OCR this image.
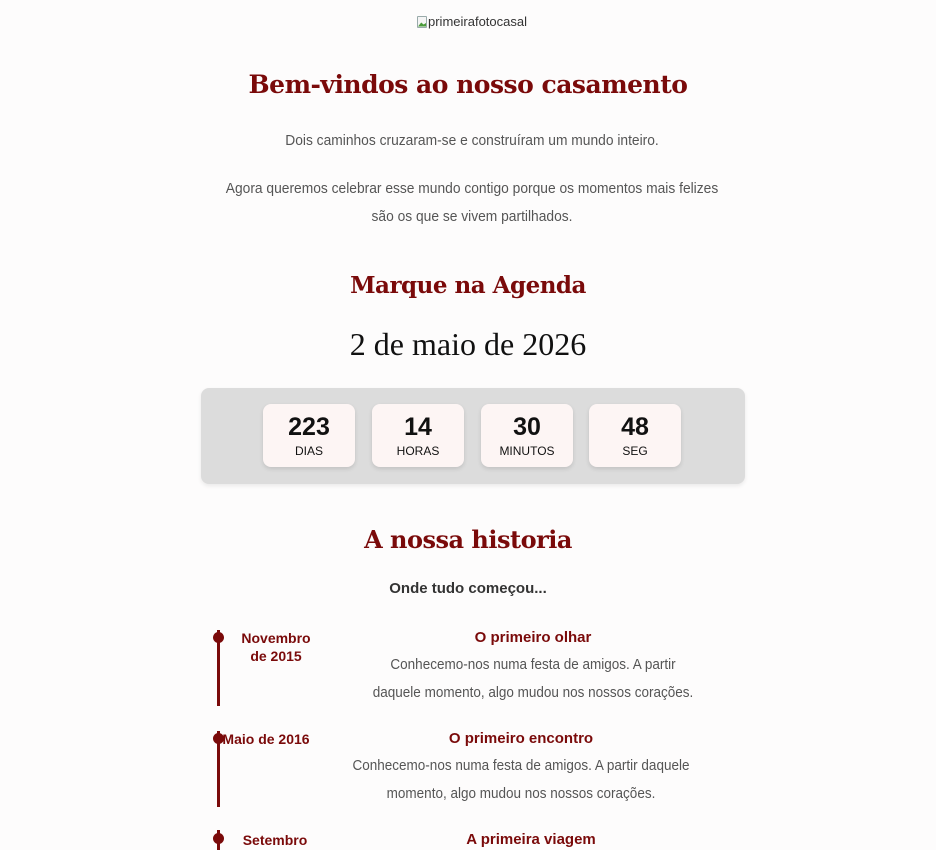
primeirafotocasal
Bem-vindos ao nosso casamento

Dois caminhos cruzaram-se e construíram um mundo inteiro.

Agora queremos celebrar esse mundo contigo porque os momentos mais felizes são os que se vivem partilhados.

Marque na Agenda

2 de maio de 2026

223
DIAS
14
HORAS
30
MINUTOS
48
SEG
A nossa historia

Onde tudo começou...

Novembro de 2015
O primeiro olhar
Conhecemo-nos numa festa de amigos. A partir daquele momento, algo mudou nos nossos corações.
Maio de 2016	O primeiro encontro
Conhecemo-nos numa festa de amigos. A partir daquele momento, algo mudou nos nossos corações.
Setembro	A primeira viagem
